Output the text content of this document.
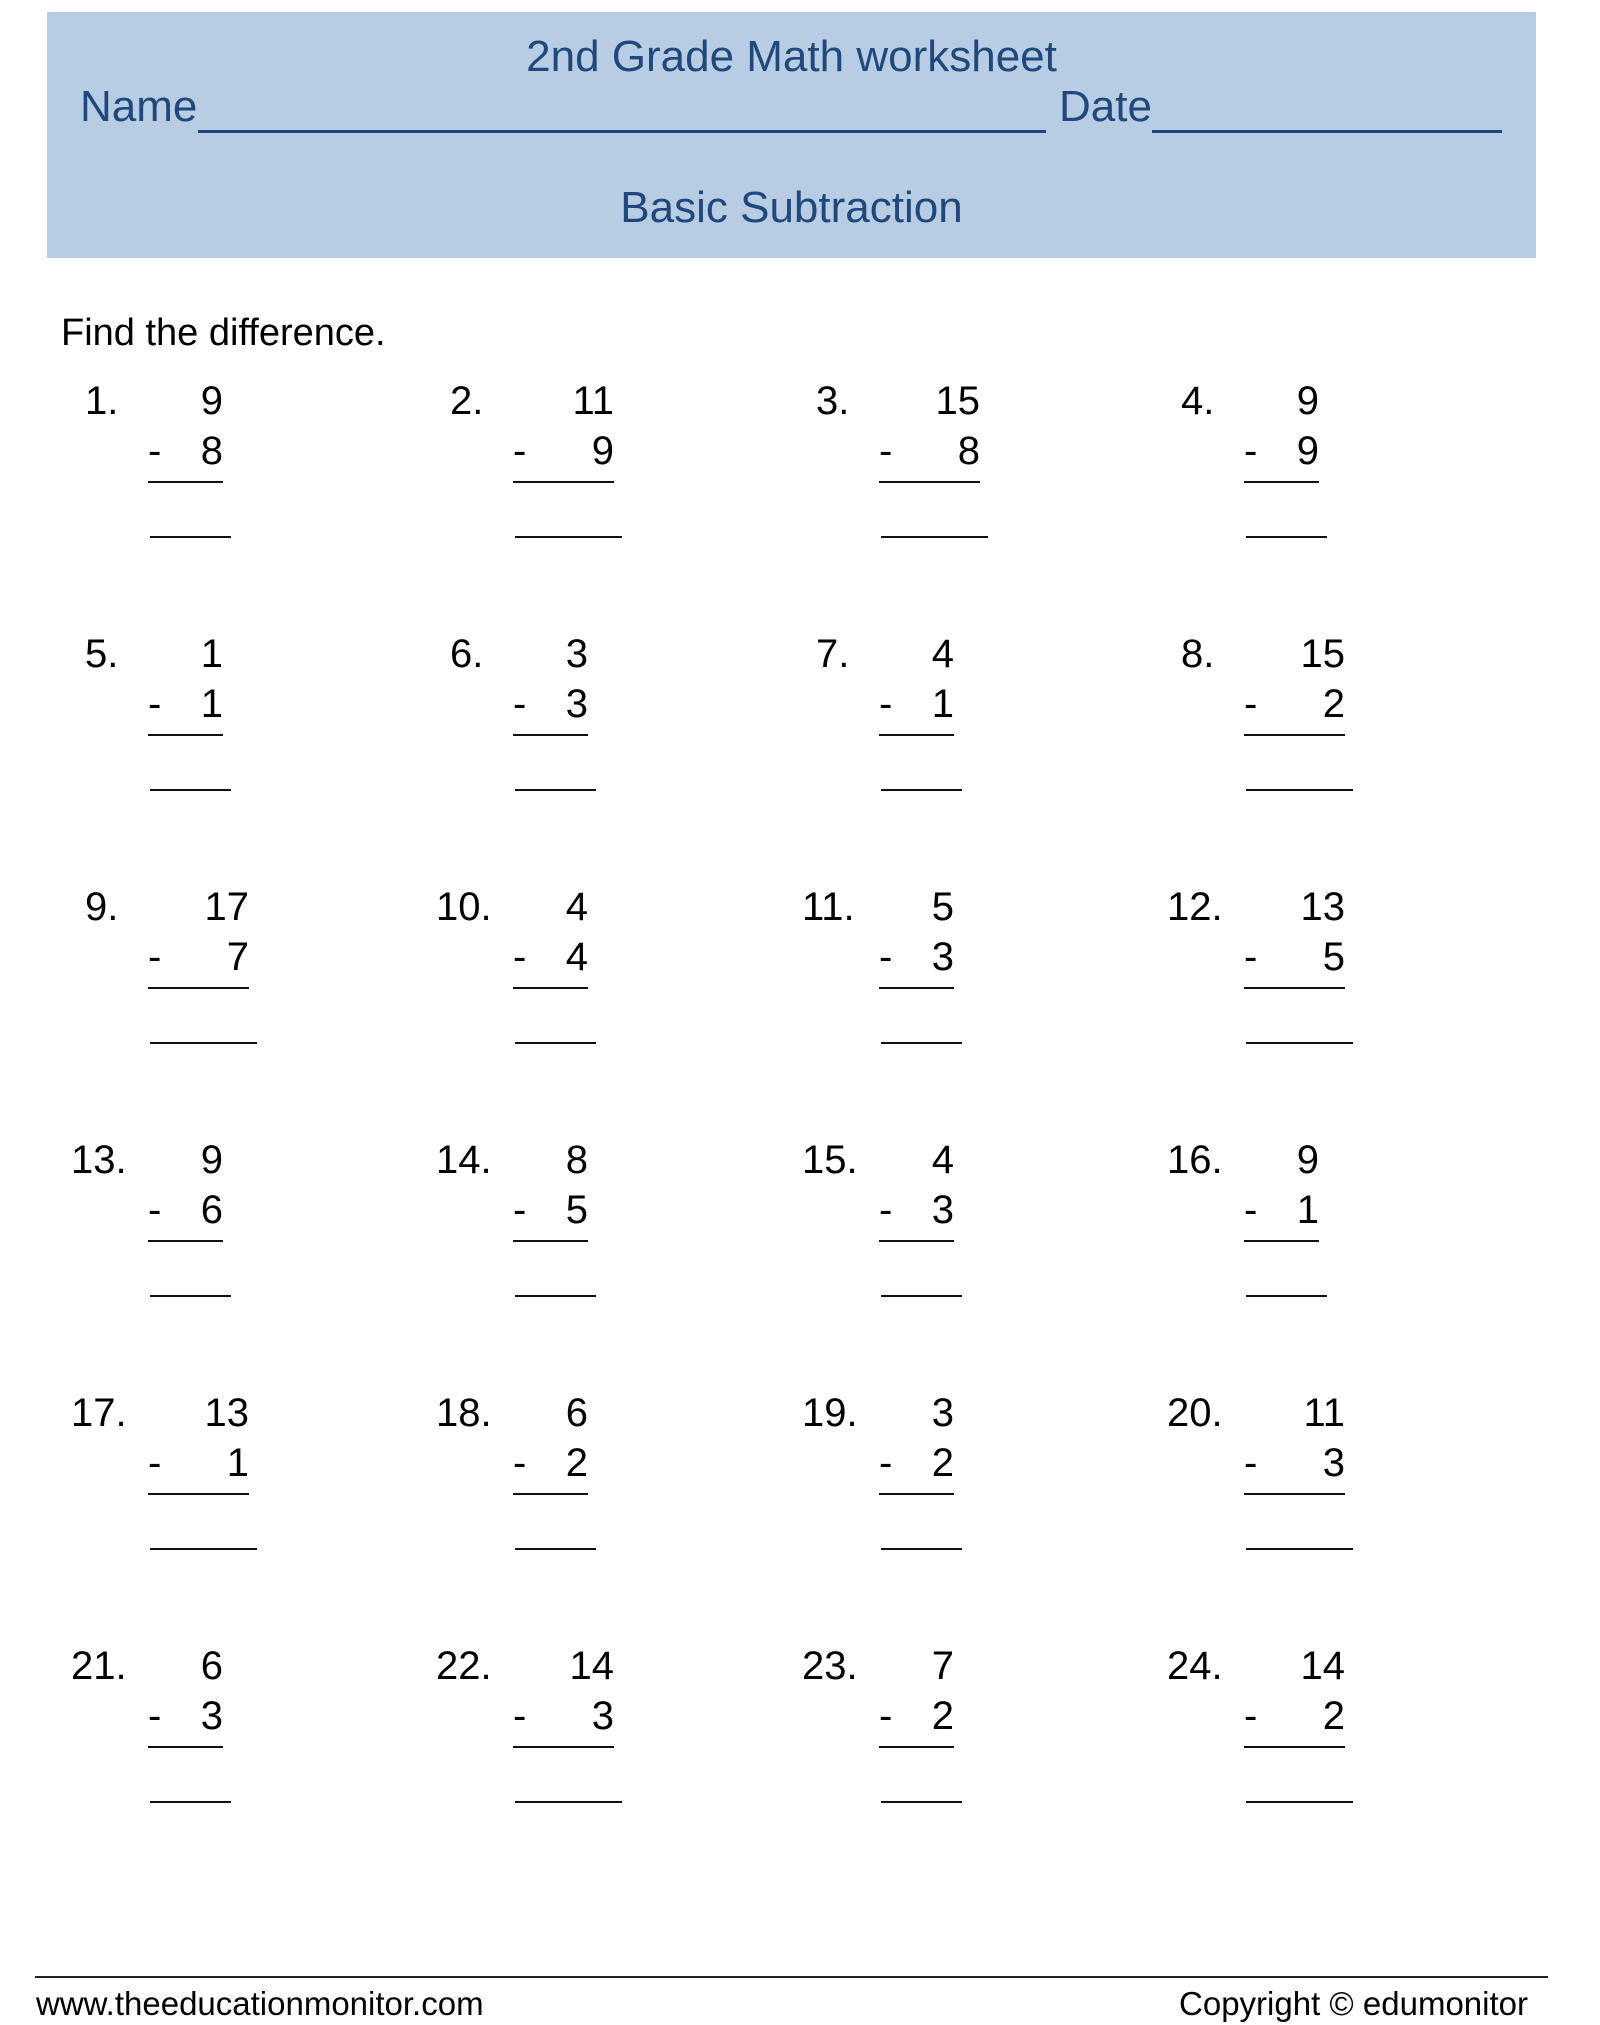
2nd Grade Math worksheet
Name	Date
Basic Subtraction
Find the difference.
1.	9
- 8
2.	11
-	9
3.	15
-	8
4.	9
- 9
5.	1
- 1
6.	3
- 3
7.	4
- 1
8.	15
-	2
9.	17
-	7
10.	4
- 4
11.	5
- 3
12.	13
-	5
13.	9
- 6
14.	8
- 5
15.	4
- 3
16.	9
- 1
17.	13
-	1
18.	6
- 2
19.	3
- 2
20.	11
-	3
21.	6
- 3
22.	14
-	3
23.	7
- 2
24.	14
-	2
www.theeducationmonitor.com	Copyright © edumonitor
